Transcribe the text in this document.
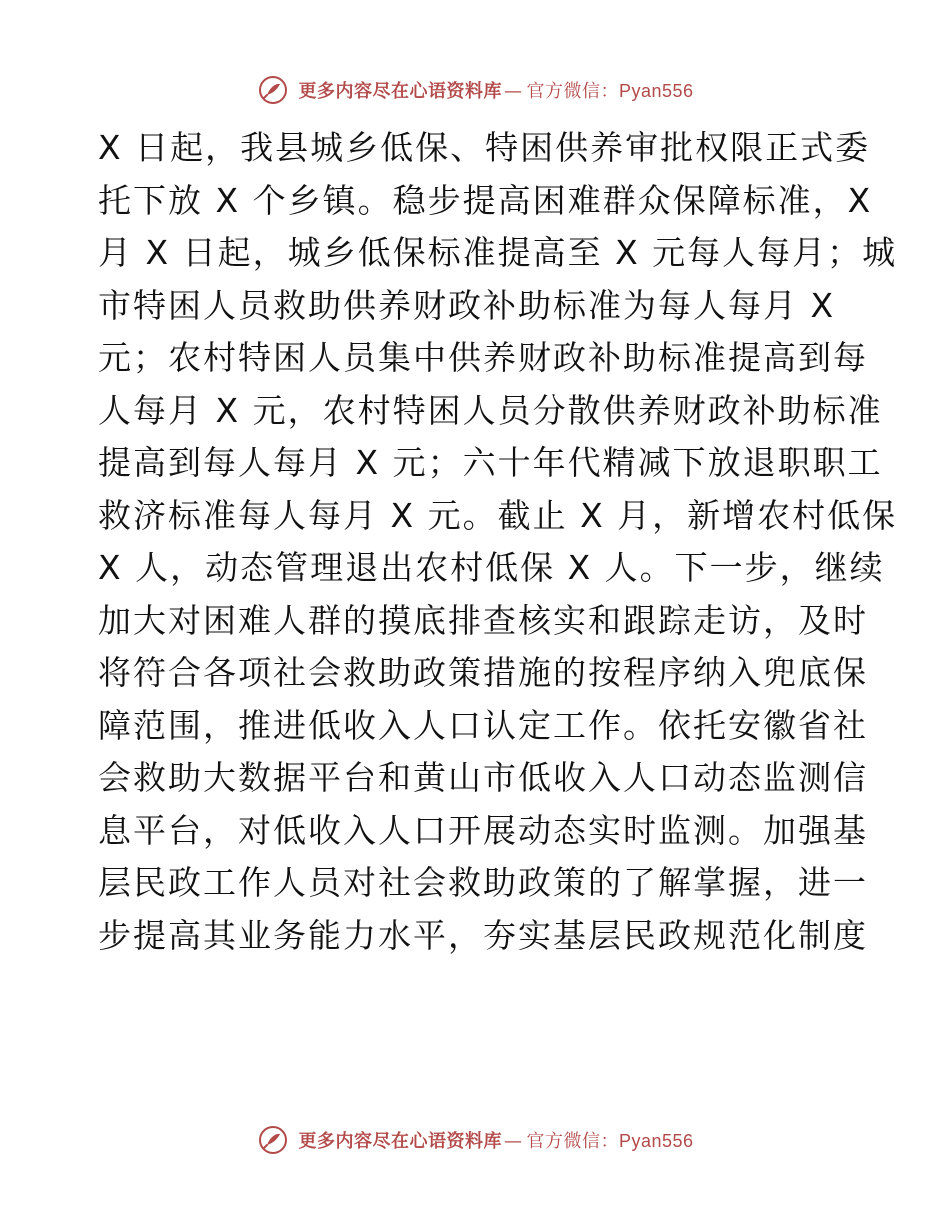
更多内容尽在心语资料库 — 官方微信： Pyan556
X 日起，我县城乡低保、特困供养审批权限正式委
托下放 X 个乡镇。稳步提高困难群众保障标准，X
月 X 日起，城乡低保标准提高至 X 元每人每月；城
市特困人员救助供养财政补助标准为每人每月 X
元；农村特困人员集中供养财政补助标准提高到每
人每月 X 元，农村特困人员分散供养财政补助标准
提高到每人每月 X 元；六十年代精减下放退职职工
救济标准每人每月 X 元。截止 X 月，新增农村低保
X 人，动态管理退出农村低保 X 人。下一步，继续
加大对困难人群的摸底排查核实和跟踪走访，及时
将符合各项社会救助政策措施的按程序纳入兜底保
障范围，推进低收入人口认定工作。依托安徽省社
会救助大数据平台和黄山市低收入人口动态监测信
息平台，对低收入人口开展动态实时监测。加强基
层民政工作人员对社会救助政策的了解掌握，进一
步提高其业务能力水平，夯实基层民政规范化制度
更多内容尽在心语资料库 — 官方微信： Pyan556
